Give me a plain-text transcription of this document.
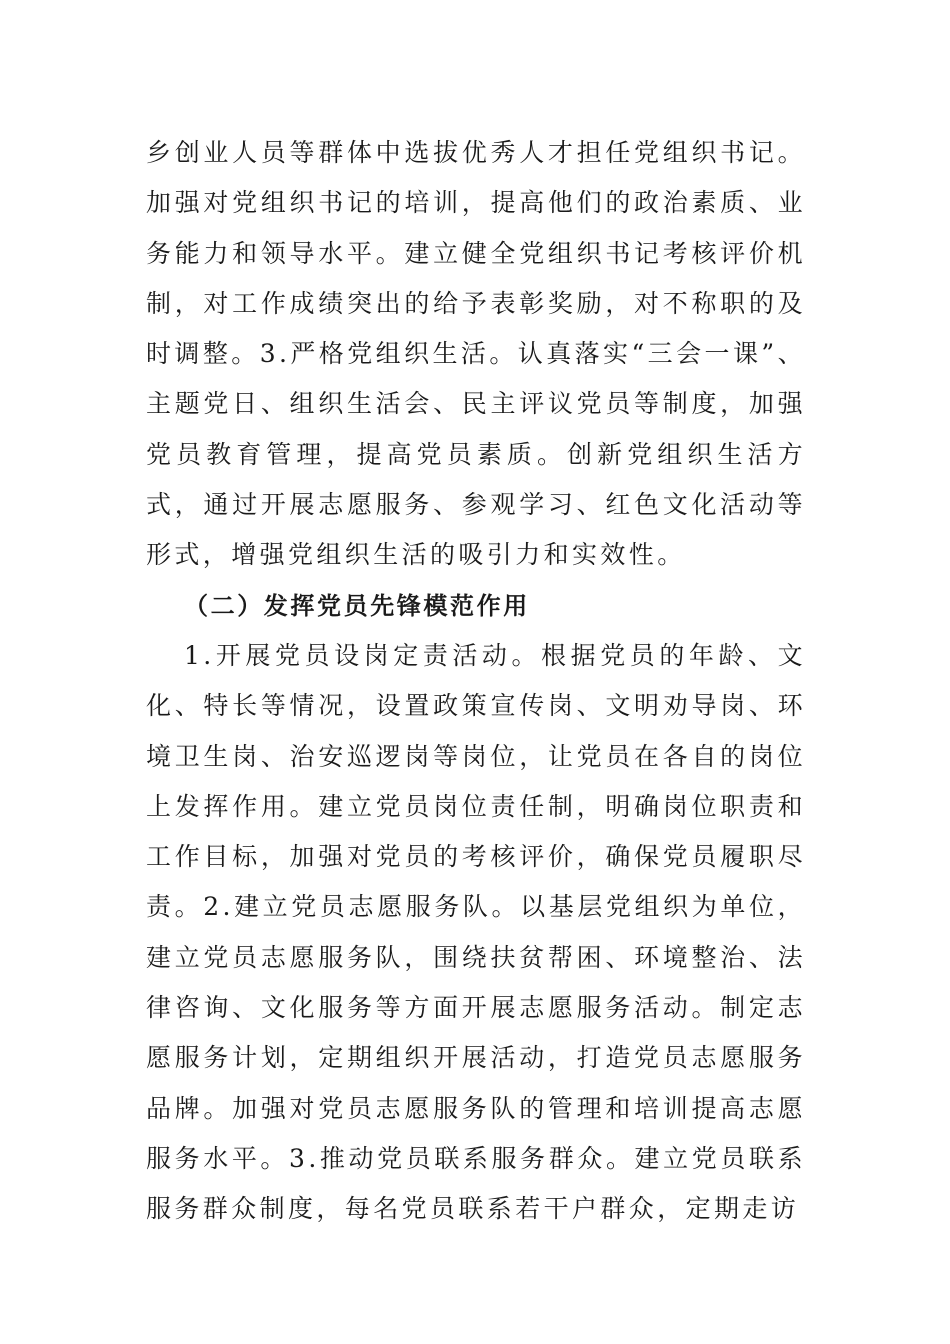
乡创业人员等群体中选拔优秀人才担任党组织书记。加强对党组织书记的培训，提高他们的政治素质、业务能力和领导水平。建立健全党组织书记考核评价机制，对工作成绩突出的给予表彰奖励，对不称职的及时调整。3.严格党组织生活。认真落实“三会一课”、主题党日、组织生活会、民主评议党员等制度，加强党员教育管理，提高党员素质。创新党组织生活方式，通过开展志愿服务、参观学习、红色文化活动等形式，增强党组织生活的吸引力和实效性。

（二）发挥党员先锋模范作用

1.开展党员设岗定责活动。根据党员的年龄、文化、特长等情况，设置政策宣传岗、文明劝导岗、环境卫生岗、治安巡逻岗等岗位，让党员在各自的岗位上发挥作用。建立党员岗位责任制，明确岗位职责和工作目标，加强对党员的考核评价，确保党员履职尽责。2.建立党员志愿服务队。以基层党组织为单位，建立党员志愿服务队，围绕扶贫帮困、环境整治、法律咨询、文化服务等方面开展志愿服务活动。制定志愿服务计划，定期组织开展活动，打造党员志愿服务品牌。加强对党员志愿服务队的管理和培训提高志愿服务水平。3.推动党员联系服务群众。建立党员联系服务群众制度，每名党员联系若干户群众，定期走访
